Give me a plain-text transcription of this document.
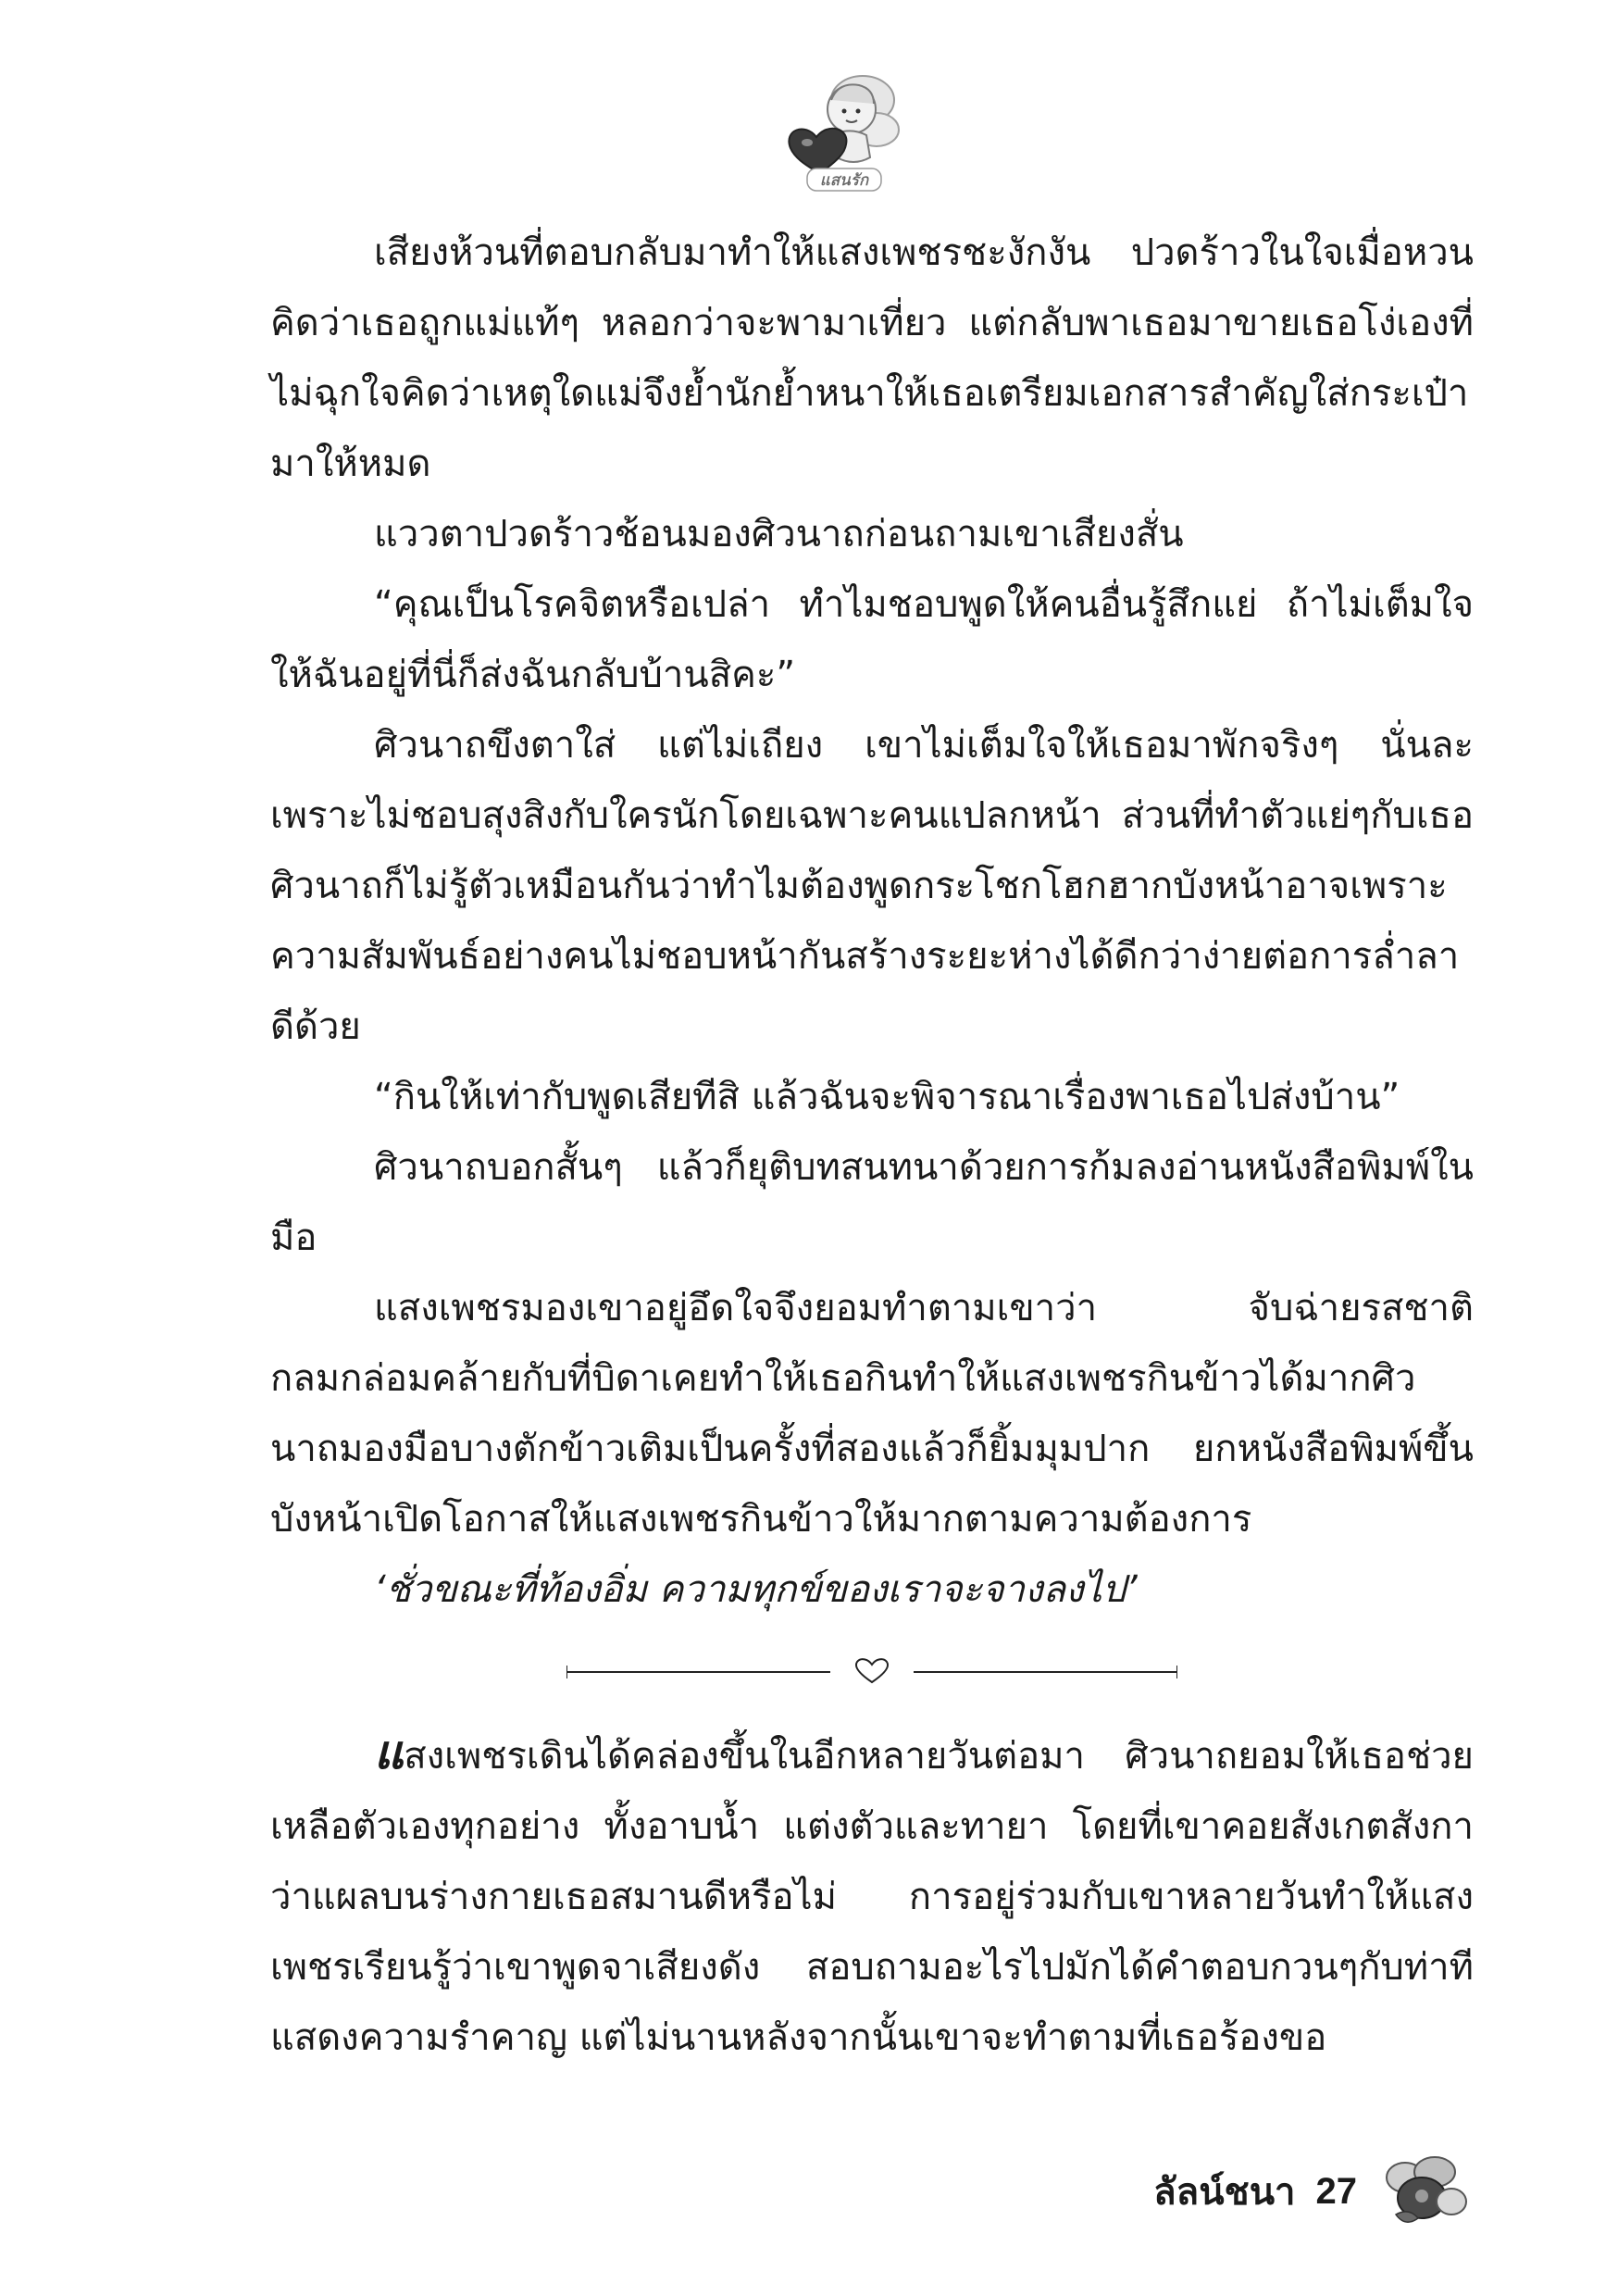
แสนรัก

เสียงห้วนที่ตอบกลับมาทำให้แสงเพชรชะงักงัน ปวดร้าวในใจเมื่อหวนคิดว่าเธอถูกแม่แท้ๆ หลอกว่าจะพามาเที่ยว แต่กลับพาเธอมาขายเธอโง่เองที่ไม่ฉุกใจคิดว่าเหตุใดแม่จึงย้ำนักย้ำหนาให้เธอเตรียมเอกสารสำคัญใส่กระเป๋ามาให้หมด

แววตาปวดร้าวช้อนมองศิวนาถก่อนถามเขาเสียงสั่น

“คุณเป็นโรคจิตหรือเปล่า ทำไมชอบพูดให้คนอื่นรู้สึกแย่ ถ้าไม่เต็มใจให้ฉันอยู่ที่นี่ก็ส่งฉันกลับบ้านสิคะ”

ศิวนาถขึงตาใส่ แต่ไม่เถียง เขาไม่เต็มใจให้เธอมาพักจริงๆ นั่นละเพราะไม่ชอบสุงสิงกับใครนักโดยเฉพาะคนแปลกหน้า ส่วนที่ทำตัวแย่ๆกับเธอ ศิวนาถก็ไม่รู้ตัวเหมือนกันว่าทำไมต้องพูดกระโชกโฮกฮากบังหน้าอาจเพราะความสัมพันธ์อย่างคนไม่ชอบหน้ากันสร้างระยะห่างได้ดีกว่าง่ายต่อการล่ำลาดีด้วย

“กินให้เท่ากับพูดเสียทีสิ แล้วฉันจะพิจารณาเรื่องพาเธอไปส่งบ้าน”

ศิวนาถบอกสั้นๆ แล้วก็ยุติบทสนทนาด้วยการก้มลงอ่านหนังสือพิมพ์ในมือ

แสงเพชรมองเขาอยู่อึดใจจึงยอมทำตามเขาว่า จับฉ่ายรสชาติกลมกล่อมคล้ายกับที่บิดาเคยทำให้เธอกินทำให้แสงเพชรกินข้าวได้มากศิวนาถมองมือบางตักข้าวเติมเป็นครั้งที่สองแล้วก็ยิ้มมุมปาก ยกหนังสือพิมพ์ขึ้นบังหน้าเปิดโอกาสให้แสงเพชรกินข้าวให้มากตามความต้องการ

‘ชั่วขณะที่ท้องอิ่ม ความทุกข์ของเราจะจางลงไป’

แสงเพชรเดินได้คล่องขึ้นในอีกหลายวันต่อมา ศิวนาถยอมให้เธอช่วยเหลือตัวเองทุกอย่าง ทั้งอาบน้ำ แต่งตัวและทายา โดยที่เขาคอยสังเกตสังกาว่าแผลบนร่างกายเธอสมานดีหรือไม่ การอยู่ร่วมกับเขาหลายวันทำให้แสงเพชรเรียนรู้ว่าเขาพูดจาเสียงดัง สอบถามอะไรไปมักได้คำตอบกวนๆกับท่าทีแสดงความรำคาญ แต่ไม่นานหลังจากนั้นเขาจะทำตามที่เธอร้องขอ

ลัลน์ชนา 27
